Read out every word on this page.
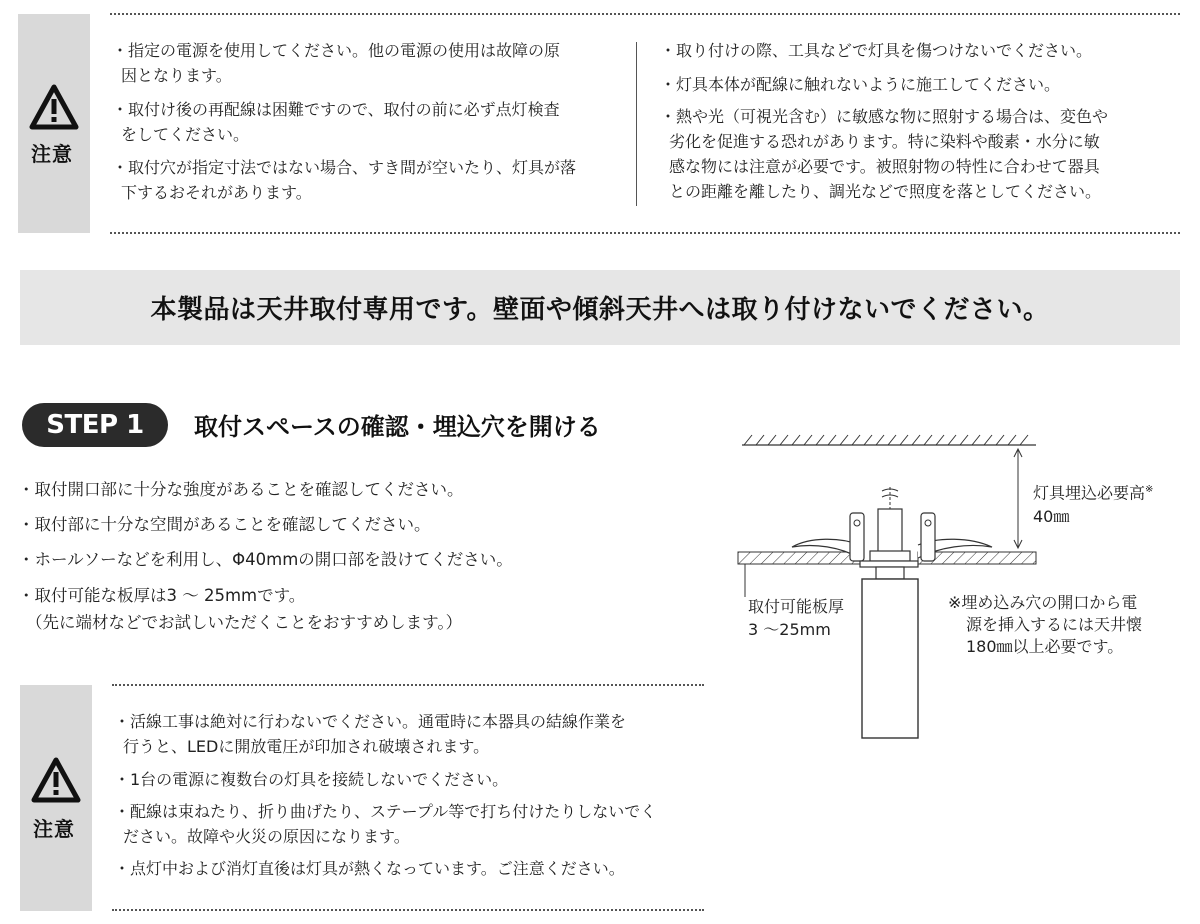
注意
・指定の電源を使用してください。他の電源の使用は故障の原
因となります。
・取付け後の再配線は困難ですので、取付の前に必ず点灯検査
をしてください。
・取付穴が指定寸法ではない場合、すき間が空いたり、灯具が落
下するおそれがあります。
・取り付けの際、工具などで灯具を傷つけないでください。
・灯具本体が配線に触れないように施工してください。
・熱や光（可視光含む）に敏感な物に照射する場合は、変色や
劣化を促進する恐れがあります。特に染料や酸素・水分に敏
感な物には注意が必要です。被照射物の特性に合わせて器具
との距離を離したり、調光などで照度を落としてください。
本製品は天井取付専用です。壁面や傾斜天井へは取り付けないでください。
STEP 1	取付スペースの確認・埋込穴を開ける
・取付開口部に十分な強度があることを確認してください。
・取付部に十分な空間があることを確認してください。
・ホールソーなどを利用し、Φ40mmの開口部を設けてください。
・取付可能な板厚は3 ～ 25mmです。
（先に端材などでお試しいただくことをおすすめします。）
灯具埋込必要高※
40㎜
取付可能板厚
3 ～25mm
※埋め込み穴の開口から電
源を挿入するには天井懐
180㎜以上必要です。
注意
・活線工事は絶対に行わないでください。通電時に本器具の結線作業を
行うと、LEDに開放電圧が印加され破壊されます。
・1台の電源に複数台の灯具を接続しないでください。
・配線は束ねたり、折り曲げたり、ステープル等で打ち付けたりしないでく
ださい。故障や火災の原因になります。
・点灯中および消灯直後は灯具が熱くなっています。ご注意ください。
